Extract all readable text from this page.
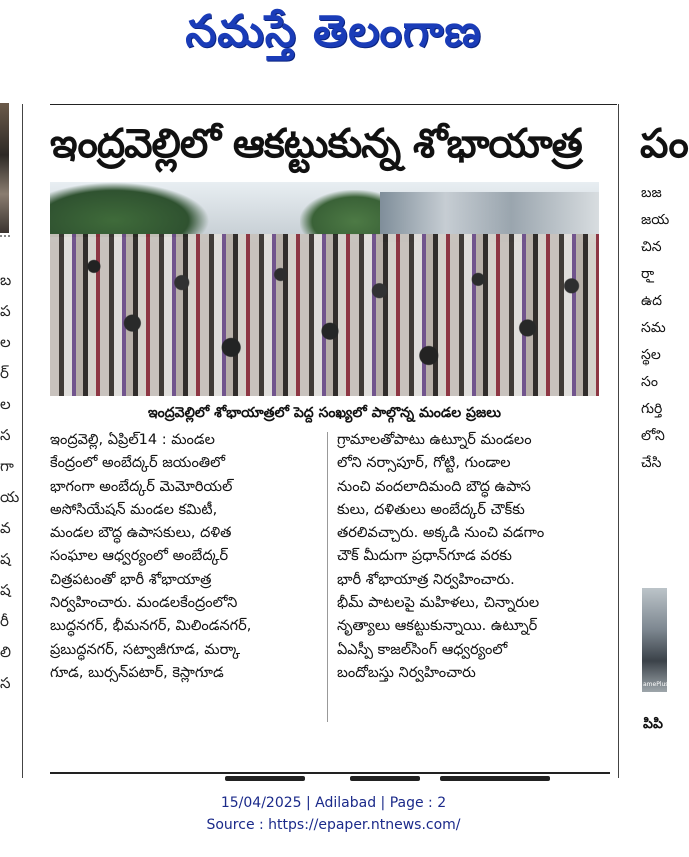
నమస్తే తెలంగాణ
బ
ప
ల
ర్
ల
స
గా
య
వ
ష
ష
రీ
లి
స
ఇంద్రవెల్లిలో ఆకట్టుకున్న శోభాయాత్ర
ఇంద్రవెల్లిలో శోభాయాత్రలో పెద్ద సంఖ్యలో పాల్గొన్న మండల ప్రజలు
ఇంద్రవెల్లి, ఏప్రిల్14 : మండల
కేంద్రంలో అంబేద్కర్ జయంతిలో
భాగంగా అంబేద్కర్ మెమోరియల్
అసోసియేషన్ మండల కమిటీ,
మండల బౌద్ధ ఉపాసకులు, దళిత
సంఘాల ఆధ్వర్యంలో అంబేద్కర్
చిత్రపటంతో భారీ శోభాయాత్ర
నిర్వహించారు. మండలకేంద్రంలోని
బుద్ధనగర్, భీమనగర్, మిలిండనగర్,
ప్రబుద్ధనగర్, సట్వాజీగూడ, మర్కా
గూడ, బుర్సన్‌పటార్, కెస్లాగూడ
గ్రామాలతోపాటు ఉట్నూర్ మండలం
లోని నర్సాపూర్, గోట్టి, గుండాల
నుంచి వందలాదిమంది బౌద్ధ ఉపాస
కులు, దళితులు అంబేద్కర్ చౌక్‌కు
తరలివచ్చారు. అక్కడి నుంచి వడగాం
చౌక్ మీదుగా ప్రధాన్‌గూడ వరకు
భారీ శోభాయాత్ర నిర్వహించారు.
భీమ్ పాటలపై మహిళలు, చిన్నారుల
నృత్యాలు ఆకట్టుకున్నాయి. ఉట్నూర్
ఏఎస్పీ కాజల్‌సింగ్ ఆధ్వర్యంలో
బందోబస్తు నిర్వహించారు
పం
బజ
జయ
చిన
రాౖ
ఉద
సమ
స్థల
సం
గుర్తి
లోని
చేసి
amePlus
పిపి
15/04/2025 | Adilabad | Page : 2
Source : https://epaper.ntnews.com/
